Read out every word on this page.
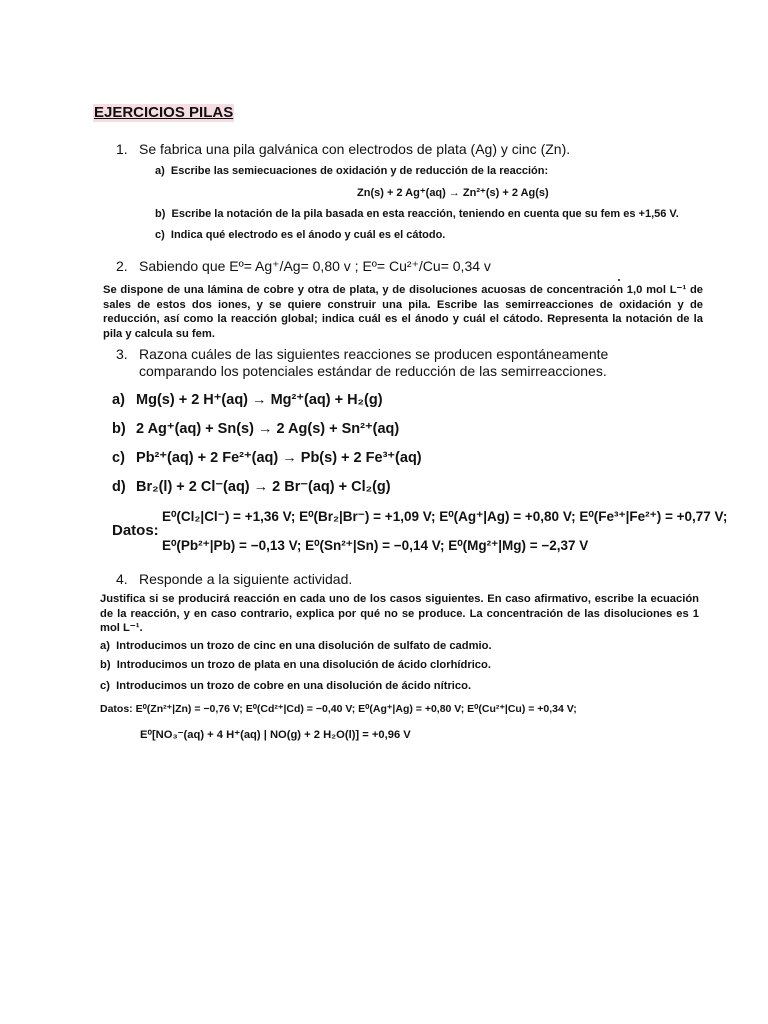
EJERCICIOS PILAS
1. Se fabrica una pila galvánica con electrodos de plata (Ag) y cinc (Zn).
a)  Escribe las semiecuaciones de oxidación y de reducción de la reacción:
Zn(s) + 2 Ag⁺(aq) → Zn²⁺(s) + 2 Ag(s)
b)  Escribe la notación de la pila basada en esta reacción, teniendo en cuenta que su fem es +1,56 V.
c)  Indica qué electrodo es el ánodo y cuál es el cátodo.
2. Sabiendo que Eº= Ag⁺/Ag= 0,80 v ; Eº= Cu²⁺/Cu= 0,34 v
Se dispone de una lámina de cobre y otra de plata, y de disoluciones acuosas de concentración 1,0 mol L⁻¹ de sales de estos dos iones, y se quiere construir una pila. Escribe las semirreacciones de oxidación y de reducción, así como la reacción global; indica cuál es el ánodo y cuál el cátodo. Representa la notación de la pila y calcula su fem.
3. Razona cuáles de las siguientes reacciones se producen espontáneamente
comparando los potenciales estándar de reducción de las semirreacciones.
a) Mg(s) + 2 H⁺(aq) → Mg²⁺(aq) + H₂(g)
b) 2 Ag⁺(aq) + Sn(s) → 2 Ag(s) + Sn²⁺(aq)
c) Pb²⁺(aq) + 2 Fe²⁺(aq) → Pb(s) + 2 Fe³⁺(aq)
d) Br₂(l) + 2 Cl⁻(aq) → 2 Br⁻(aq) + Cl₂(g)
Datos:
E⁰(Cl₂|Cl⁻) = +1,36 V; E⁰(Br₂|Br⁻) = +1,09 V; E⁰(Ag⁺|Ag) = +0,80 V; E⁰(Fe³⁺|Fe²⁺) = +0,77 V;
E⁰(Pb²⁺|Pb) = −0,13 V; E⁰(Sn²⁺|Sn) = −0,14 V; E⁰(Mg²⁺|Mg) = −2,37 V
4. Responde a la siguiente actividad.
Justifica si se producirá reacción en cada uno de los casos siguientes. En caso afirmativo, escribe la ecuación de la reacción, y en caso contrario, explica por qué no se produce. La concentración de las disoluciones es 1 mol L⁻¹.
a)  Introducimos un trozo de cinc en una disolución de sulfato de cadmio.
b)  Introducimos un trozo de plata en una disolución de ácido clorhídrico.
c)  Introducimos un trozo de cobre en una disolución de ácido nítrico.
Datos: E⁰(Zn²⁺|Zn) = −0,76 V; E⁰(Cd²⁺|Cd) = −0,40 V; E⁰(Ag⁺|Ag) = +0,80 V; E⁰(Cu²⁺|Cu) = +0,34 V;
E⁰[NO₃⁻(aq) + 4 H⁺(aq) | NO(g) + 2 H₂O(l)] = +0,96 V
